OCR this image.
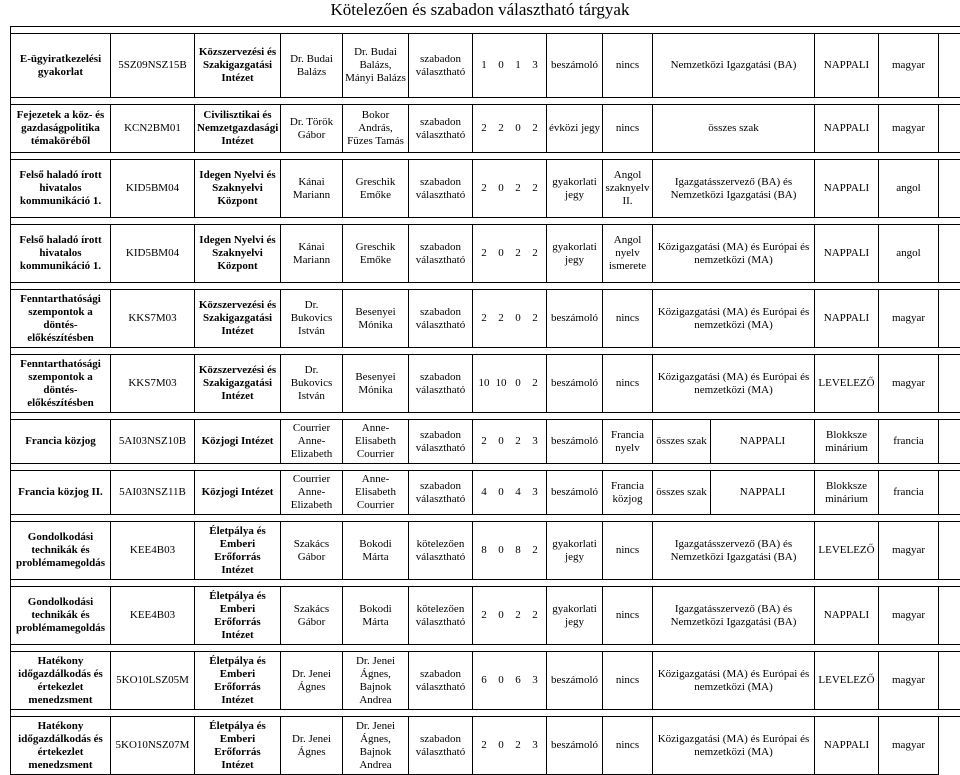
Kötelezően és szabadon választható tárgyak

E-ügyiratkezelési gyakorlat	5SZ09NSZ15B	Közszervezési és Szakigazgatási Intézet	Dr. Budai Balázs	Dr. Budai Balázs, Mányi Balázs	szabadon választható	1 0 1 3	beszámoló	nincs	Nemzetközi Igazgatási (BA)		NAPPALI	magyar

Fejezetek a köz- és gazdaságpolitika témaköréből	KCN2BM01	Civilisztikai és Nemzetgazdasági Intézet	Dr. Török Gábor	Bokor András, Füzes Tamás	szabadon választható	2 2 0 2	évközi jegy	nincs	összes szak		NAPPALI	magyar

Felső haladó írott hivatalos kommunikáció 1.	KID5BM04	Idegen Nyelvi és Szaknyelvi Központ	Kánai Mariann	Greschik Emőke	szabadon választható	2 0 2 2	gyakorlati jegy	Angol szaknyelv II.	Igazgatásszervező (BA) és Nemzetközi Igazgatási (BA)		NAPPALI	angol

Felső haladó írott hivatalos kommunikáció 1.	KID5BM04	Idegen Nyelvi és Szaknyelvi Központ	Kánai Mariann	Greschik Emőke	szabadon választható	2 0 2 2	gyakorlati jegy	Angol nyelv ismerete	Közigazgatási (MA) és Európai és nemzetközi (MA)		NAPPALI	angol

Fenntarthatósági szempontok a döntés-előkészítésben	KKS7M03	Közszervezési és Szakigazgatási Intézet	Dr. Bukovics István	Besenyei Mónika	szabadon választható	2 2 0 2	beszámoló	nincs	Közigazgatási (MA) és Európai és nemzetközi (MA)		NAPPALI	magyar

Fenntarthatósági szempontok a döntés-előkészítésben	KKS7M03	Közszervezési és Szakigazgatási Intézet	Dr. Bukovics István	Besenyei Mónika	szabadon választható	10 10 0 2	beszámoló	nincs	Közigazgatási (MA) és Európai és nemzetközi (MA)		LEVELEZŐ	magyar

Francia közjog	5AI03NSZ10B	Közjogi Intézet	Courrier Anne-Elizabeth	Anne- Elisabeth Courrier	szabadon választható	2 0 2 3	beszámoló	Francia nyelv	összes szak	NAPPALI	Blokksze minárium	francia

Francia közjog II.	5AI03NSZ11B	Közjogi Intézet	Courrier Anne-Elizabeth	Anne- Elisabeth Courrier	szabadon választható	4 0 4 3	beszámoló	Francia közjog	összes szak	NAPPALI	Blokksze minárium	francia

Gondolkodási technikák és problémamegoldás	KEE4B03	Életpálya és Emberi Erőforrás Intézet	Szakács Gábor	Bokodi Márta	kötelezően választható	8 0 8 2	gyakorlati jegy	nincs	Igazgatásszervező (BA) és Nemzetközi Igazgatási (BA)		LEVELEZŐ	magyar

Gondolkodási technikák és problémamegoldás	KEE4B03	Életpálya és Emberi Erőforrás Intézet	Szakács Gábor	Bokodi Márta	kötelezően választható	2 0 2 2	gyakorlati jegy	nincs	Igazgatásszervező (BA) és Nemzetközi Igazgatási (BA)		NAPPALI	magyar

Hatékony időgazdálkodás és értekezlet menedzsment	5KO10LSZ05M	Életpálya és Emberi Erőforrás Intézet	Dr. Jenei Ágnes	Dr. Jenei Ágnes, Bajnok Andrea	szabadon választható	6 0 6 3	beszámoló	nincs	Közigazgatási (MA) és Európai és nemzetközi (MA)		LEVELEZŐ	magyar

Hatékony időgazdálkodás és értekezlet menedzsment	5KO10NSZ07M	Életpálya és Emberi Erőforrás Intézet	Dr. Jenei Ágnes	Dr. Jenei Ágnes, Bajnok Andrea	szabadon választható	2 0 2 3	beszámoló	nincs	Közigazgatási (MA) és Európai és nemzetközi (MA)		NAPPALI	magyar
